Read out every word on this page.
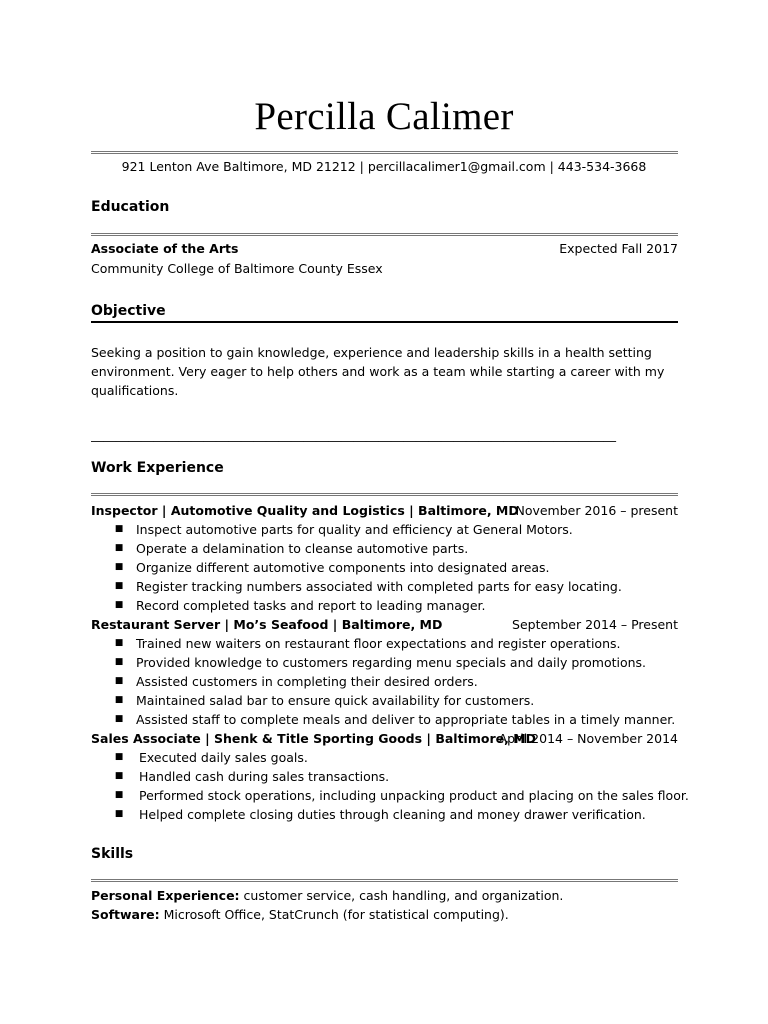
Percilla Calimer
921 Lenton Ave Baltimore, MD 21212 | percillacalimer1@gmail.com | 443-534-3668
Education
Associate of the Arts	Expected Fall 2017
Community College of Baltimore County Essex
Objective
Seeking a position to gain knowledge, experience and leadership skills in a health setting
environment. Very eager to help others and work as a team while starting a career with my
qualifications.
____________________________________________________________________________________
Work Experience
Inspector | Automotive Quality and Logistics | Baltimore, MD
November 2016 – present
■ Inspect automotive parts for quality and efficiency at General Motors.
■ Operate a delamination to cleanse automotive parts.
■ Organize different automotive components into designated areas.
■ Register tracking numbers associated with completed parts for easy locating.
■ Record completed tasks and report to leading manager.
Restaurant Server | Mo’s Seafood | Baltimore, MD	September 2014 – Present
■ Trained new waiters on restaurant floor expectations and register operations.
■ Provided knowledge to customers regarding menu specials and daily promotions.
■ Assisted customers in completing their desired orders.
■ Maintained salad bar to ensure quick availability for customers.
■ Assisted staff to complete meals and deliver to appropriate tables in a timely manner.
Sales Associate | Shenk & Title Sporting Goods | Baltimore, MD
April 2014 – November 2014
■ Executed daily sales goals.
■ Handled cash during sales transactions.
■ Performed stock operations, including unpacking product and placing on the sales floor.
■ Helped complete closing duties through cleaning and money drawer verification.
Skills
Personal Experience: customer service, cash handling, and organization.
Software: Microsoft Office, StatCrunch (for statistical computing).
